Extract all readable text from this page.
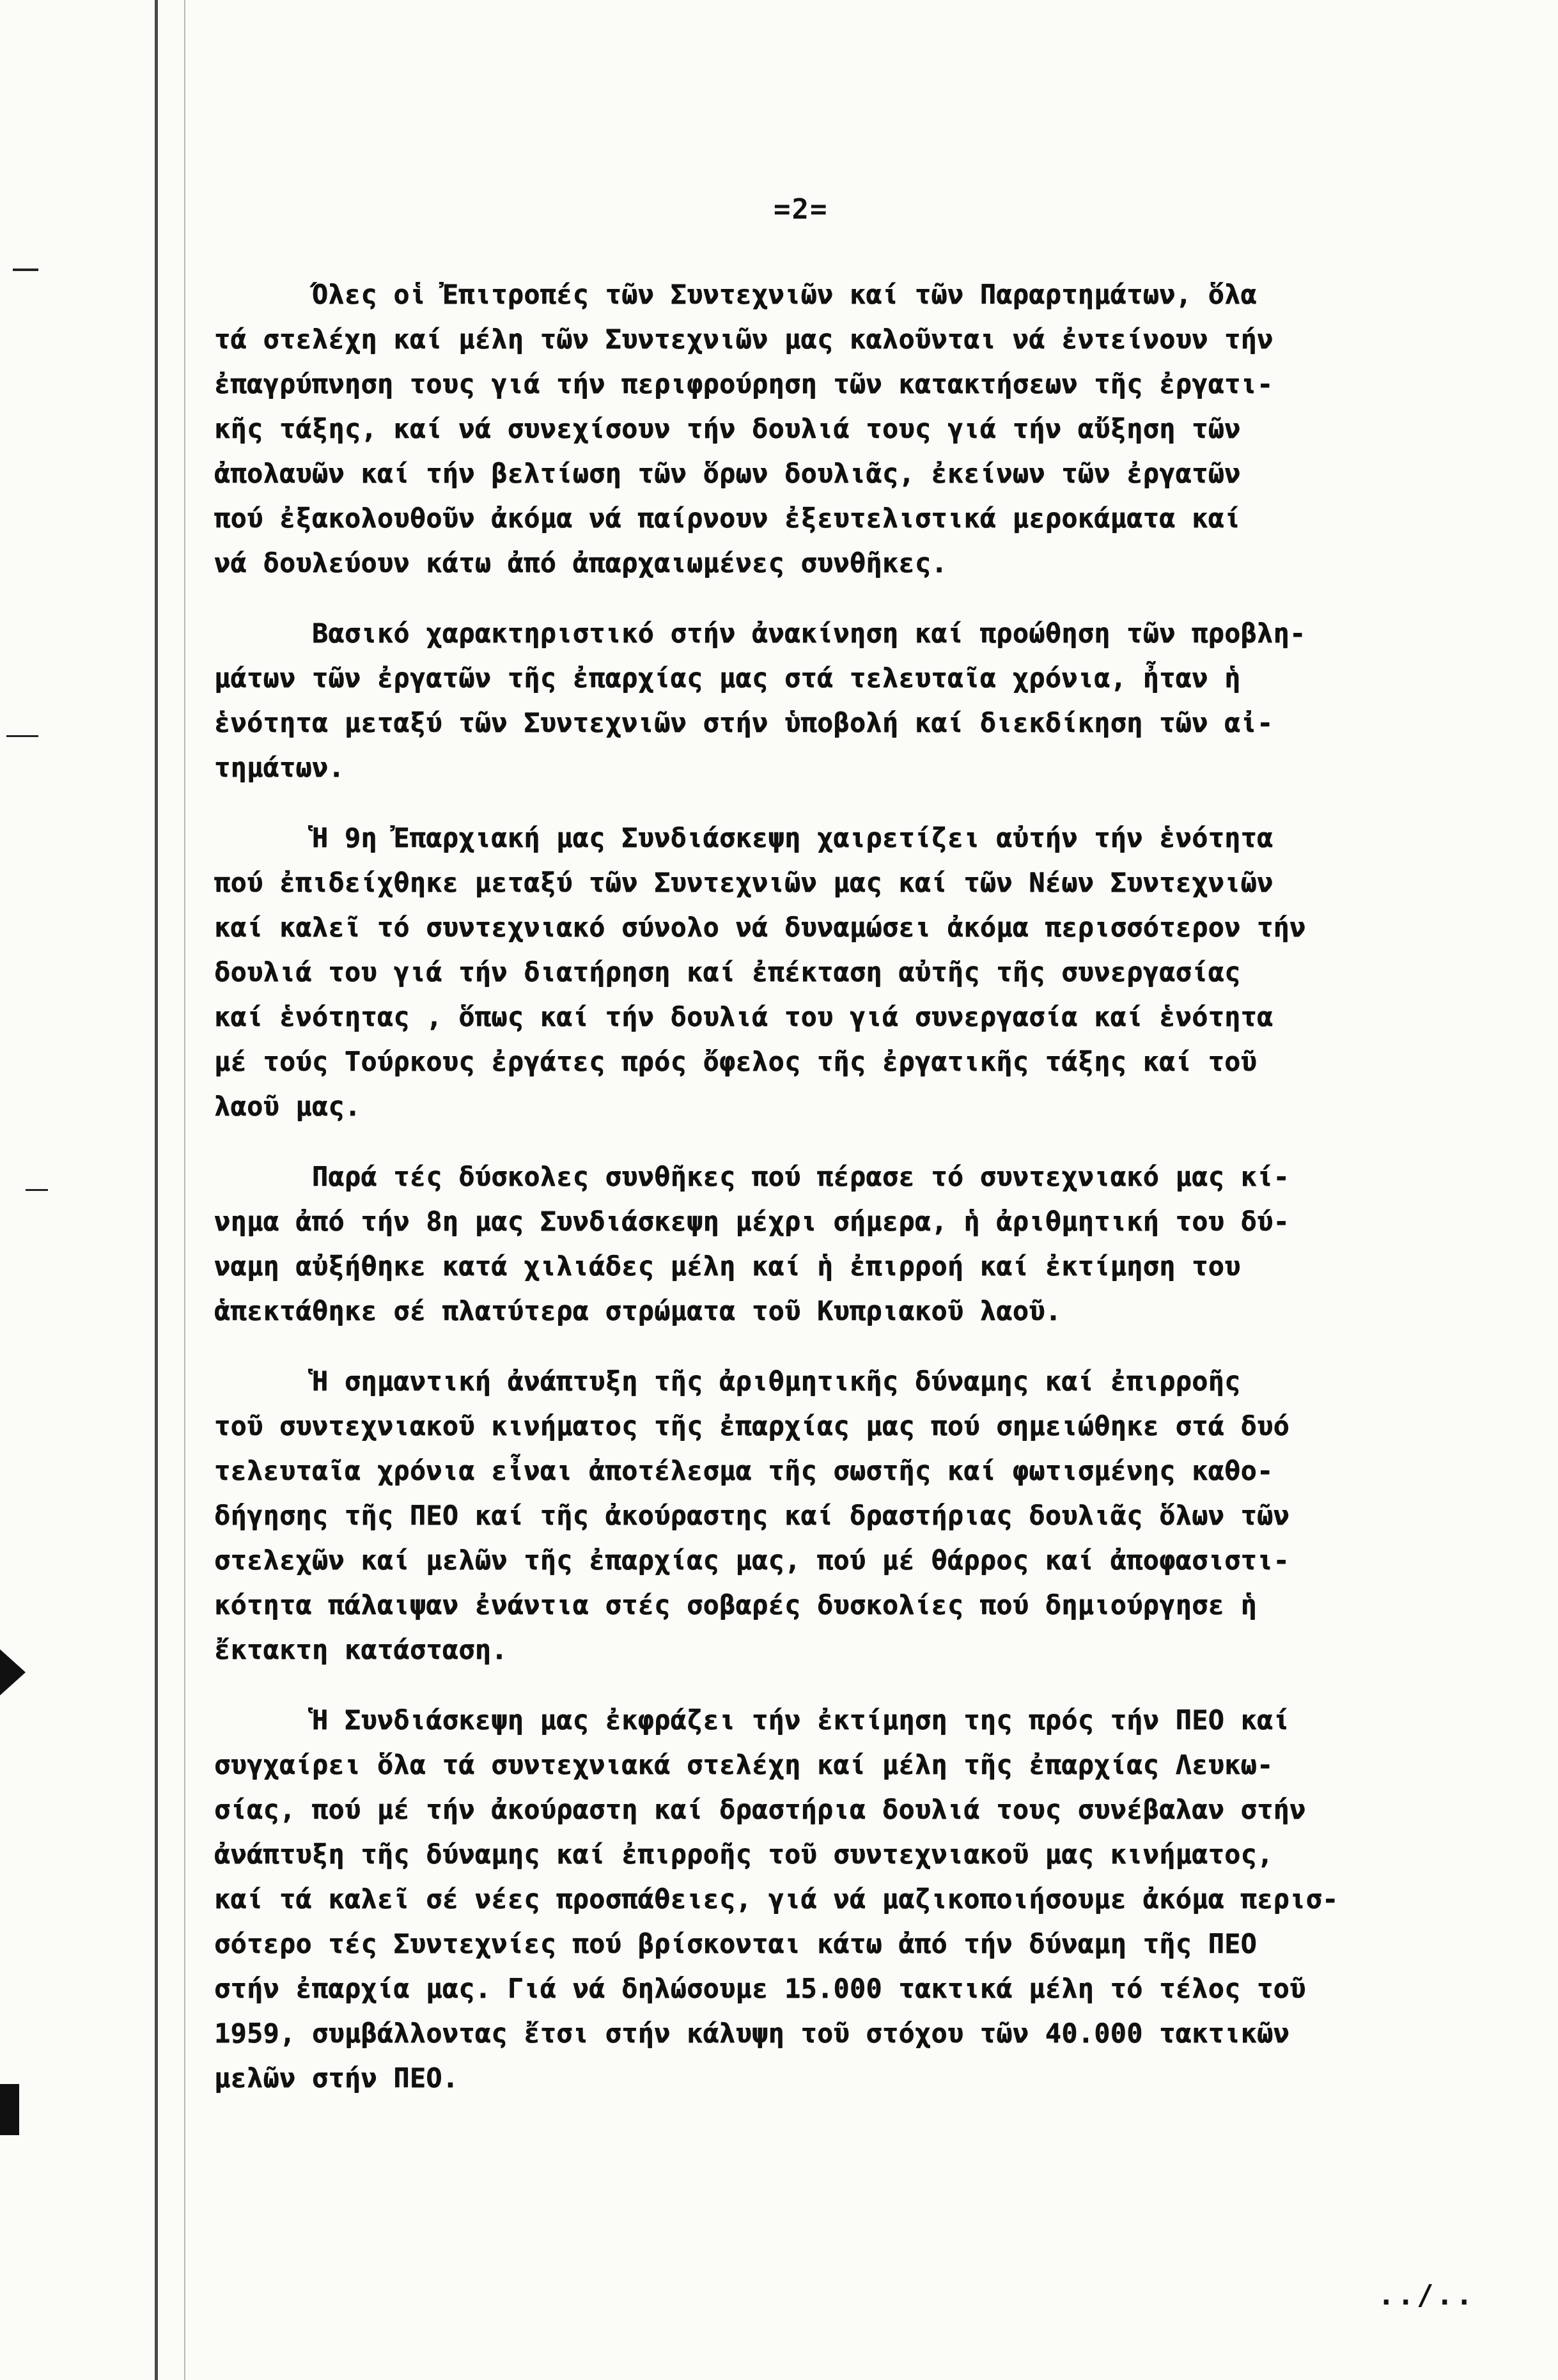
=2=
Όλες οἱ Ἐπιτροπές τῶν Συντεχνιῶν καί τῶν Παραρτημάτων, ὅλα
τά στελέχη καί μέλη τῶν Συντεχνιῶν μας καλοῦνται νά ἐντείνουν τήν
ἐπαγρύπνηση τους γιά τήν περιφρούρηση τῶν κατακτήσεων τῆς ἐργατι-
κῆς τάξης, καί νά συνεχίσουν τήν δουλιά τους γιά τήν αὔξηση τῶν
ἀπολαυῶν καί τήν βελτίωση τῶν ὅρων δουλιᾶς, ἐκείνων τῶν ἐργατῶν
πού ἐξακολουθοῦν ἀκόμα νά παίρνουν ἐξευτελιστικά μεροκάματα καί
νά δουλεύουν κάτω ἀπό ἀπαρχαιωμένες συνθῆκες.
Βασικό χαρακτηριστικό στήν ἀνακίνηση καί προώθηση τῶν προβλη-
μάτων τῶν ἐργατῶν τῆς ἐπαρχίας μας στά τελευταῖα χρόνια, ἦταν ἡ
ἑνότητα μεταξύ τῶν Συντεχνιῶν στήν ὑποβολή καί διεκδίκηση τῶν αἰ-
τημάτων.
Ἡ 9η Ἐπαρχιακή μας Συνδιάσκεψη χαιρετίζει αὐτήν τήν ἑνότητα
πού ἐπιδείχθηκε μεταξύ τῶν Συντεχνιῶν μας καί τῶν Νέων Συντεχνιῶν
καί καλεῖ τό συντεχνιακό σύνολο νά δυναμώσει ἀκόμα περισσότερον τήν
δουλιά του γιά τήν διατήρηση καί ἐπέκταση αὐτῆς τῆς συνεργασίας
καί ἑνότητας , ὅπως καί τήν δουλιά του γιά συνεργασία καί ἑνότητα
μέ τούς Τούρκους ἐργάτες πρός ὄφελος τῆς ἐργατικῆς τάξης καί τοῦ
λαοῦ μας.
Παρά τές δύσκολες συνθῆκες πού πέρασε τό συντεχνιακό μας κί-
νημα ἀπό τήν 8η μας Συνδιάσκεψη μέχρι σήμερα, ἡ ἀριθμητική του δύ-
ναμη αὐξήθηκε κατά χιλιάδες μέλη καί ἡ ἐπιρροή καί ἐκτίμηση του
ἁπεκτάθηκε σέ πλατύτερα στρώματα τοῦ Κυπριακοῦ λαοῦ.
Ἡ σημαντική ἀνάπτυξη τῆς ἀριθμητικῆς δύναμης καί ἐπιρροῆς
τοῦ συντεχνιακοῦ κινήματος τῆς ἐπαρχίας μας πού σημειώθηκε στά δυό
τελευταῖα χρόνια εἶναι ἀποτέλεσμα τῆς σωστῆς καί φωτισμένης καθο-
δήγησης τῆς ΠΕΟ καί τῆς ἀκούραστης καί δραστήριας δουλιᾶς ὅλων τῶν
στελεχῶν καί μελῶν τῆς ἐπαρχίας μας, πού μέ θάρρος καί ἀποφασιστι-
κότητα πάλαιψαν ἐνάντια στές σοβαρές δυσκολίες πού δημιούργησε ἡ
ἔκτακτη κατάσταση.
Ἡ Συνδιάσκεψη μας ἐκφράζει τήν ἐκτίμηση της πρός τήν ΠΕΟ καί
συγχαίρει ὅλα τά συντεχνιακά στελέχη καί μέλη τῆς ἐπαρχίας Λευκω-
σίας, πού μέ τήν ἀκούραστη καί δραστήρια δουλιά τους συνέβαλαν στήν
ἀνάπτυξη τῆς δύναμης καί ἐπιρροῆς τοῦ συντεχνιακοῦ μας κινήματος,
καί τά καλεῖ σέ νέες προσπάθειες, γιά νά μαζικοποιήσουμε ἀκόμα περισ-
σότερο τές Συντεχνίες πού βρίσκονται κάτω ἀπό τήν δύναμη τῆς ΠΕΟ
στήν ἐπαρχία μας. Γιά νά δηλώσουμε 15.000 τακτικά μέλη τό τέλος τοῦ
1959, συμβάλλοντας ἔτσι στήν κάλυψη τοῦ στόχου τῶν 40.000 τακτικῶν
μελῶν στήν ΠΕΟ.
../..
